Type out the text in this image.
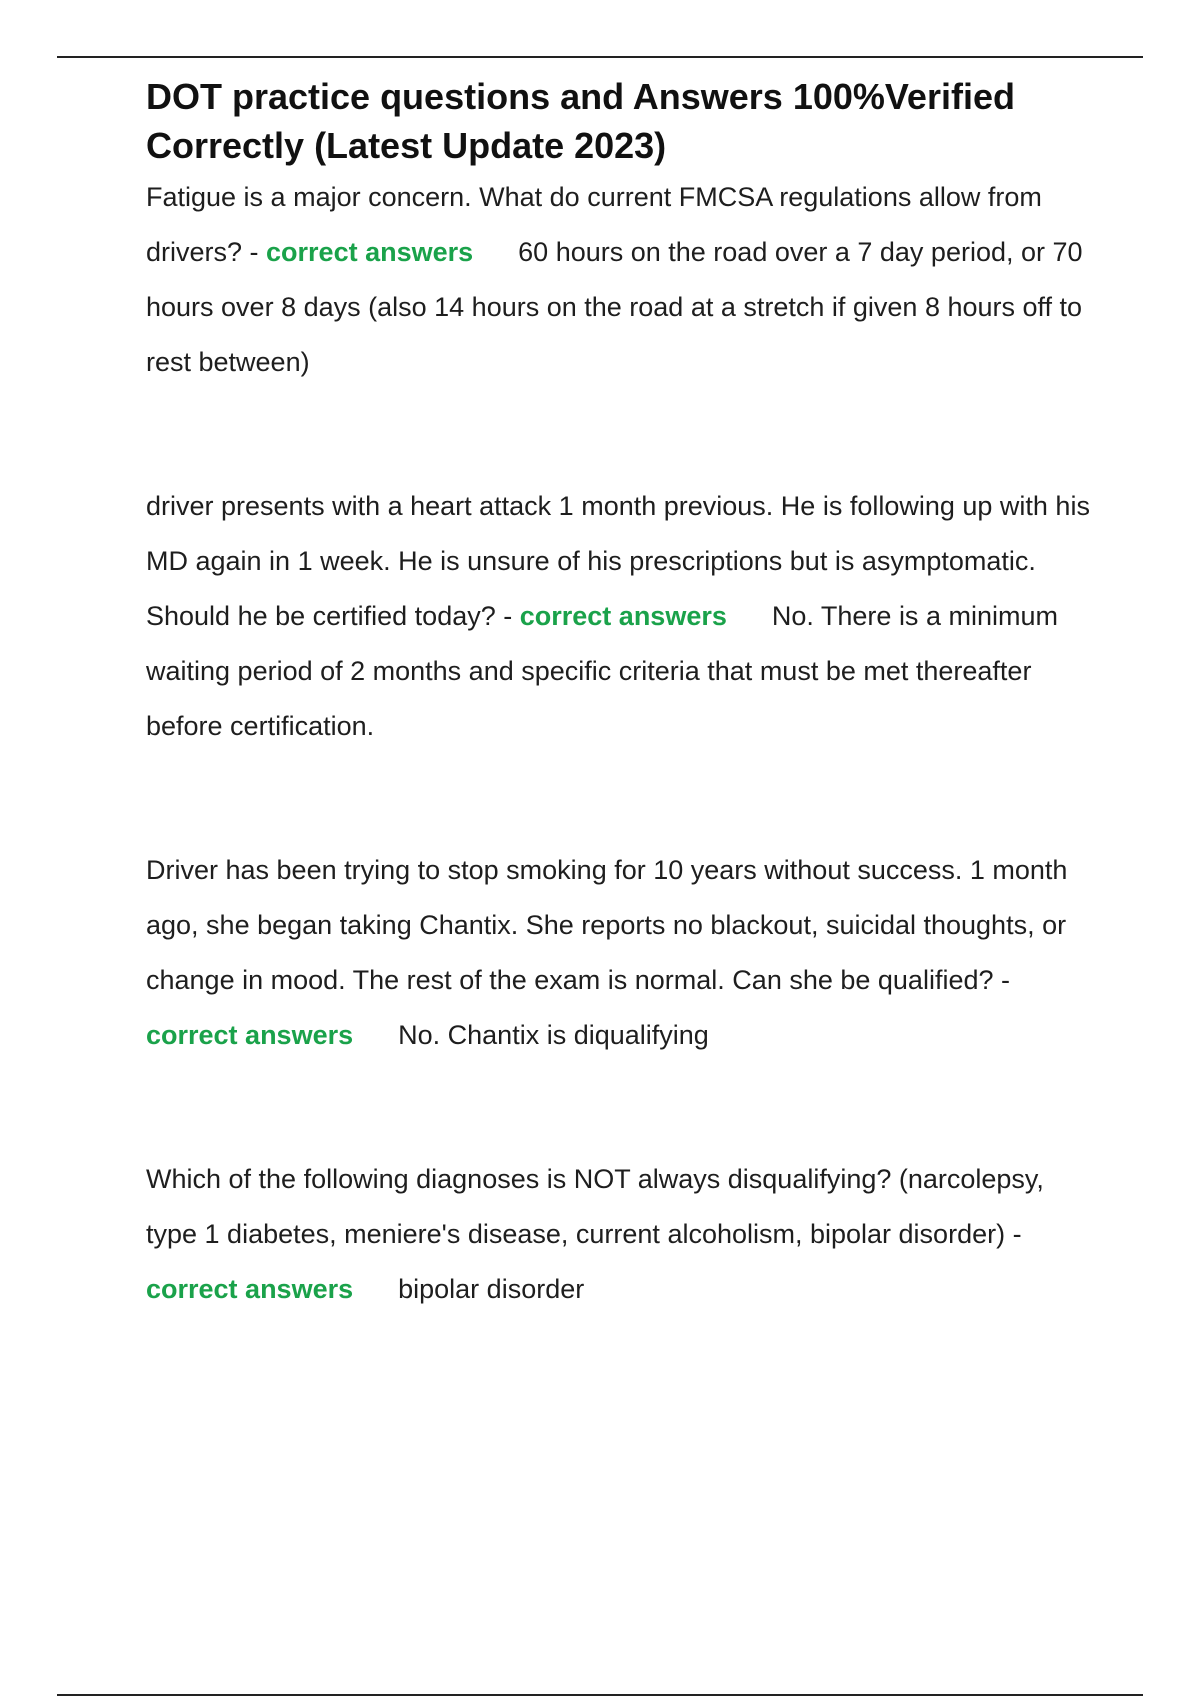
DOT practice questions and Answers 100%Verified Correctly (Latest Update 2023)

Fatigue is a major concern. What do current FMCSA regulations allow from drivers? - correct answers 60 hours on the road over a 7 day period, or 70 hours over 8 days (also 14 hours on the road at a stretch if given 8 hours off to rest between)

driver presents with a heart attack 1 month previous. He is following up with his MD again in 1 week. He is unsure of his prescriptions but is asymptomatic. Should he be certified today? - correct answers No. There is a minimum waiting period of 2 months and specific criteria that must be met thereafter before certification.

Driver has been trying to stop smoking for 10 years without success. 1 month ago, she began taking Chantix. She reports no blackout, suicidal thoughts, or change in mood. The rest of the exam is normal. Can she be qualified? - correct answers No. Chantix is diqualifying

Which of the following diagnoses is NOT always disqualifying? (narcolepsy, type 1 diabetes, meniere's disease, current alcoholism, bipolar disorder) - correct answers bipolar disorder
